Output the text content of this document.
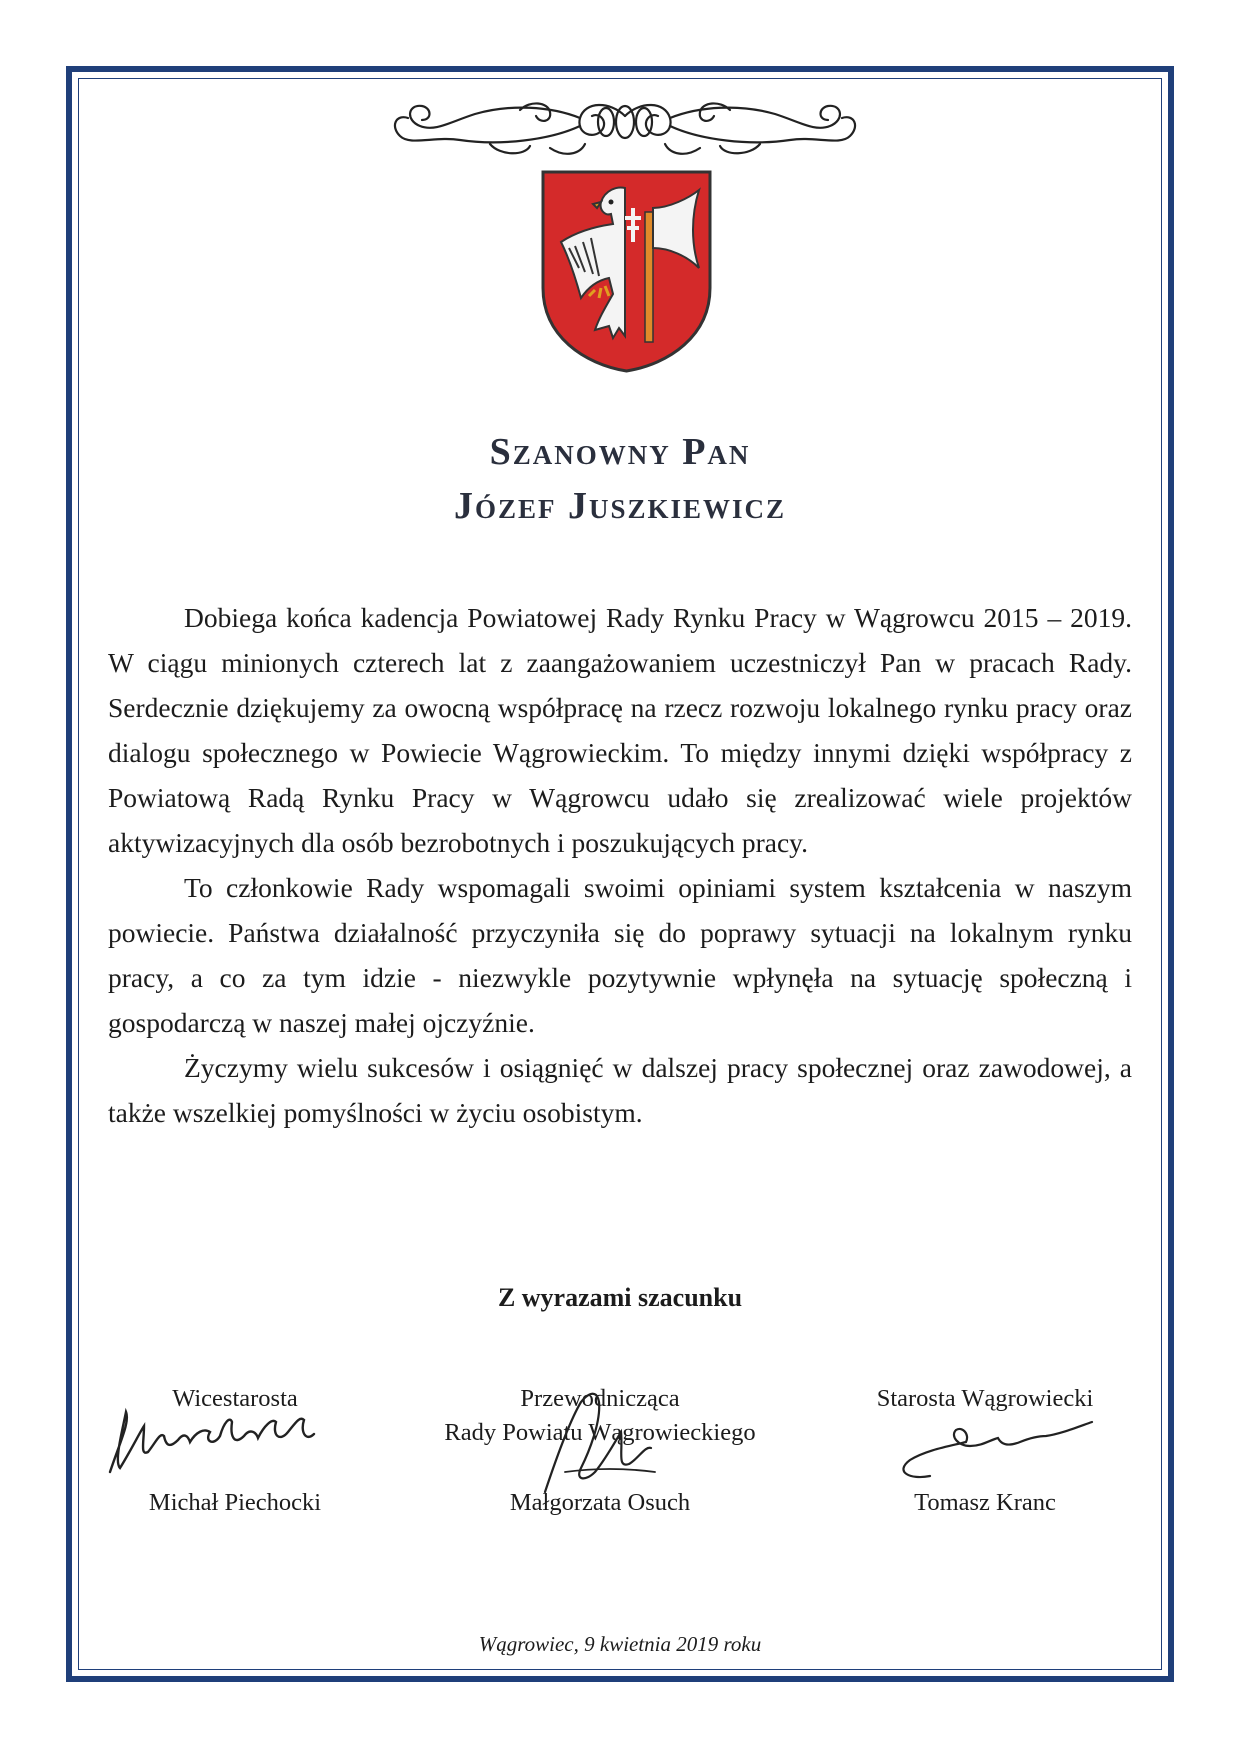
Szanowny Pan
Józef Juszkiewicz

Dobiega końca kadencja Powiatowej Rady Rynku Pracy w Wągrowcu 2015 – 2019. W ciągu minionych czterech lat z zaangażowaniem uczestniczył Pan w pracach Rady. Serdecznie dziękujemy za owocną współpracę na rzecz rozwoju lokalnego rynku pracy oraz dialogu społecznego w Powiecie Wągrowieckim. To między innymi dzięki współpracy z Powiatową Radą Rynku Pracy w Wągrowcu udało się zrealizować wiele projektów aktywizacyjnych dla osób bezrobotnych i poszukujących pracy.

To członkowie Rady wspomagali swoimi opiniami system kształcenia w naszym powiecie. Państwa działalność przyczyniła się do poprawy sytuacji na lokalnym rynku pracy, a co za tym idzie - niezwykle pozytywnie wpłynęła na sytuację społeczną i gospodarczą w naszej małej ojczyźnie.

Życzymy wielu sukcesów i osiągnięć w dalszej pracy społecznej oraz zawodowej, a także wszelkiej pomyślności w życiu osobistym.

Z wyrazami szacunku
Wicestarosta
Michał Piechocki
Przewodnicząca
Rady Powiatu Wągrowieckiego
Małgorzata Osuch
Starosta Wągrowiecki
Tomasz Kranc
Wągrowiec, 9 kwietnia 2019 roku
